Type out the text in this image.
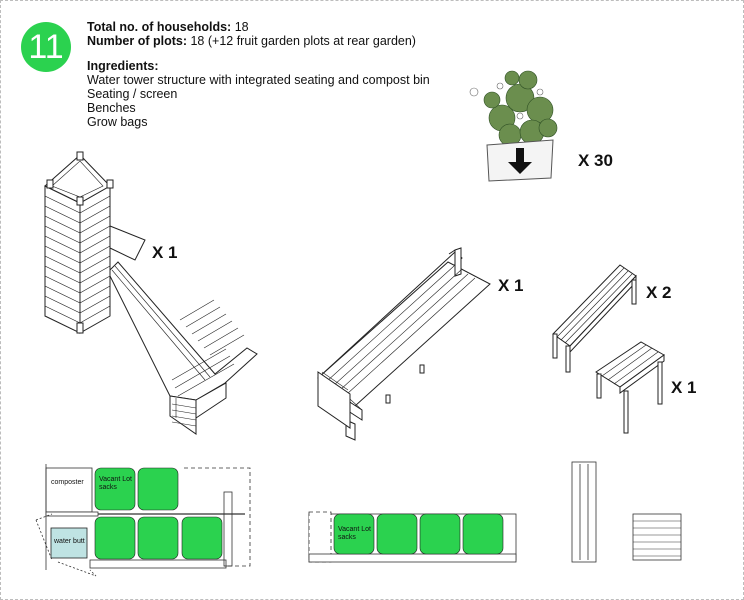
11
Total no. of households: 18
Number of plots: 18 (+12 fruit garden plots at rear garden)
Ingredients:
Water tower structure with integrated seating and compost bin
Seating / screen
Benches
Grow bags
X 30
X 1
X 1	X 2
X 1
composter
water butt
Vacant Lot
sacks
Vacant Lot
sacks
